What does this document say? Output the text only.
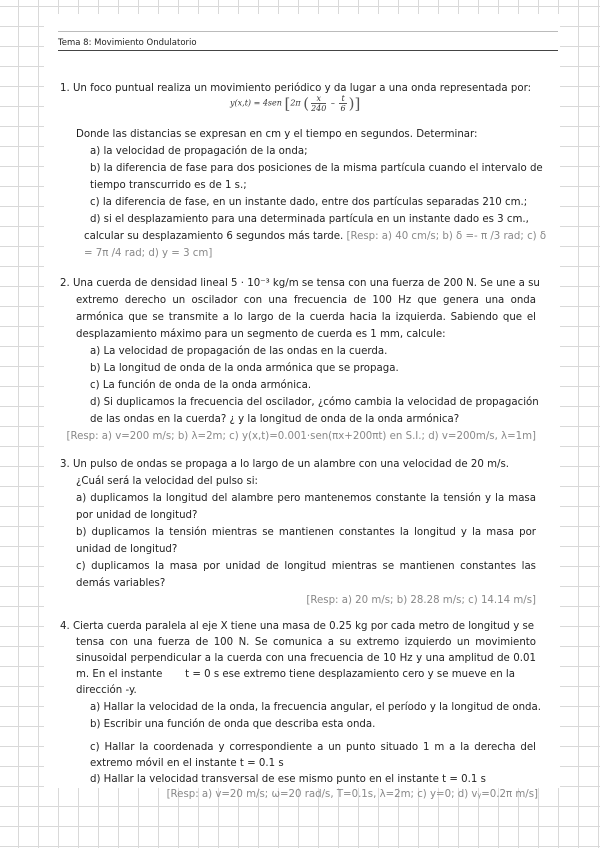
Tema 8: Movimiento Ondulatorio

1. Un foco puntual realiza un movimiento periódico y da lugar a una onda representada por:

y(x,t) = 4sen [2π ( $\frac{x}{240} - \frac{t}{6}$ )]

Donde las distancias se expresan en cm y el tiempo en segundos. Determinar:

a) la velocidad de propagación de la onda;

b) la diferencia de fase para dos posiciones de la misma partícula cuando el intervalo de

tiempo transcurrido es de 1 s.;

c) la diferencia de fase, en un instante dado, entre dos partículas separadas 210 cm.;

d) si el desplazamiento para una determinada partícula en un instante dado es 3 cm.,

calcular su desplazamiento 6 segundos más tarde. [Resp: a) 40 cm/s; b) δ =- π /3 rad; c) δ

= 7π /4 rad; d) y = 3 cm]

2. Una cuerda de densidad lineal 5 · 10⁻³ kg/m se tensa con una fuerza de 200 N. Se une a su

extremo derecho un oscilador con una frecuencia de 100 Hz que genera una onda

armónica que se transmite a lo largo de la cuerda hacia la izquierda. Sabiendo que el

desplazamiento máximo para un segmento de cuerda es 1 mm, calcule:

a) La velocidad de propagación de las ondas en la cuerda.

b) La longitud de onda de la onda armónica que se propaga.

c) La función de onda de la onda armónica.

d) Si duplicamos la frecuencia del oscilador, ¿cómo cambia la velocidad de propagación

de las ondas en la cuerda? ¿ y la longitud de onda de la onda armónica?

[Resp: a) v=200 m/s; b) λ=2m; c) y(x,t)=0.001·sen(πx+200πt) en S.I.; d) v=200m/s, λ=1m]

3. Un pulso de ondas se propaga a lo largo de un alambre con una velocidad de 20 m/s.

¿Cuál será la velocidad del pulso si:

a) duplicamos la longitud del alambre pero mantenemos constante la tensión y la masa

por unidad de longitud?

b) duplicamos la tensión mientras se mantienen constantes la longitud y la masa por

unidad de longitud?

c) duplicamos la masa por unidad de longitud mientras se mantienen constantes las

demás variables?

[Resp: a) 20 m/s; b) 28.28 m/s; c) 14.14 m/s]

4. Cierta cuerda paralela al eje X tiene una masa de 0.25 kg por cada metro de longitud y se

tensa con una fuerza de 100 N. Se comunica a su extremo izquierdo un movimiento

sinusoidal perpendicular a la cuerda con una frecuencia de 10 Hz y una amplitud de 0.01

m. En el instante       t = 0 s ese extremo tiene desplazamiento cero y se mueve en la

dirección -y.

a) Hallar la velocidad de la onda, la frecuencia angular, el período y la longitud de onda.

b) Escribir una función de onda que describa esta onda.

c) Hallar la coordenada y correspondiente a un punto situado 1 m a la derecha del

extremo móvil en el instante t = 0.1 s

d) Hallar la velocidad transversal de ese mismo punto en el instante t = 0.1 s

[Resp: a) v=20 m/s; ω=20 rad/s, T=0.1s, λ=2m; c) y=0; d) vᵧ=0.2π m/s]
